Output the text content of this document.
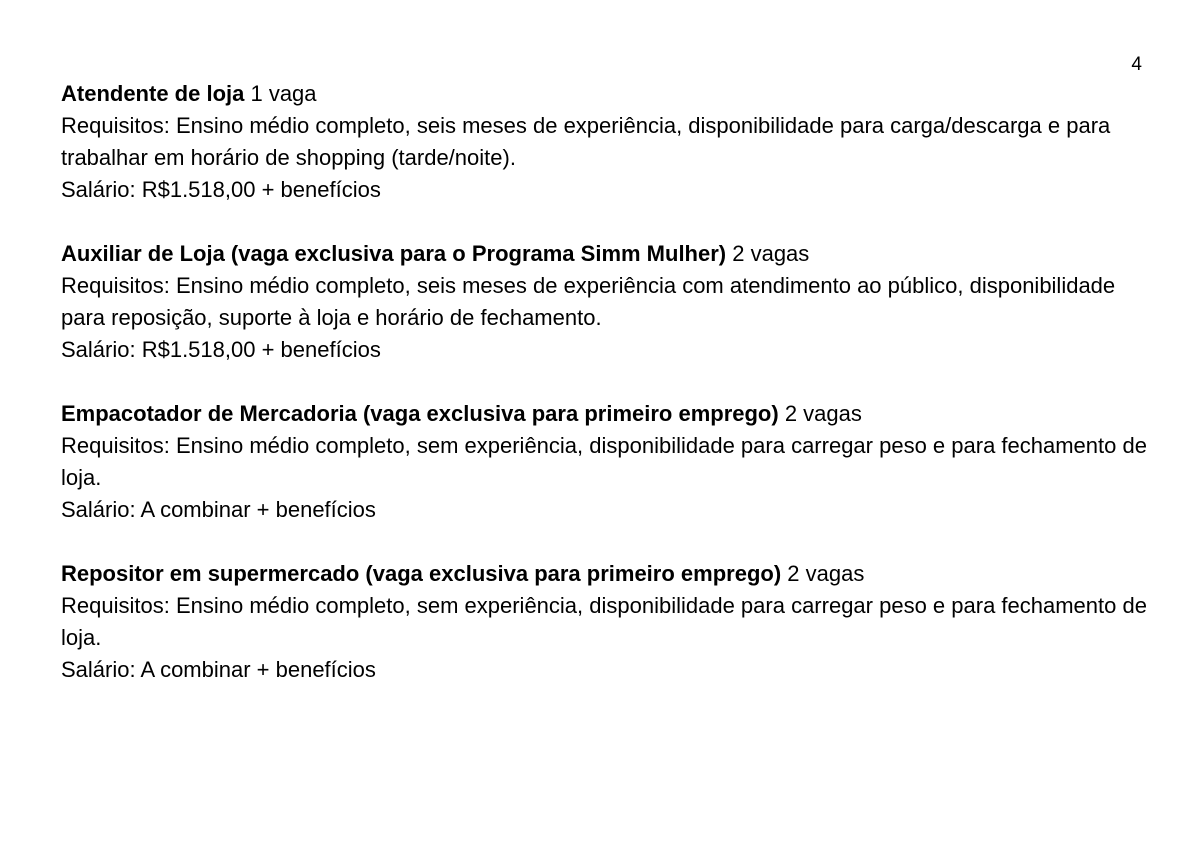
4

Atendente de loja 1 vaga

Requisitos: Ensino médio completo, seis meses de experiência, disponibilidade para carga/descarga e para trabalhar em horário de shopping (tarde/noite).

Salário: R$1.518,00 + benefícios

Auxiliar de Loja (vaga exclusiva para o Programa Simm Mulher) 2 vagas

Requisitos: Ensino médio completo, seis meses de experiência com atendimento ao público, disponibilidade para reposição, suporte à loja e horário de fechamento.

Salário: R$1.518,00 + benefícios

Empacotador de Mercadoria (vaga exclusiva para primeiro emprego) 2 vagas

Requisitos: Ensino médio completo, sem experiência, disponibilidade para carregar peso e para fechamento de loja.

Salário: A combinar + benefícios

Repositor em supermercado (vaga exclusiva para primeiro emprego) 2 vagas

Requisitos: Ensino médio completo, sem experiência, disponibilidade para carregar peso e para fechamento de loja.

Salário: A combinar + benefícios
